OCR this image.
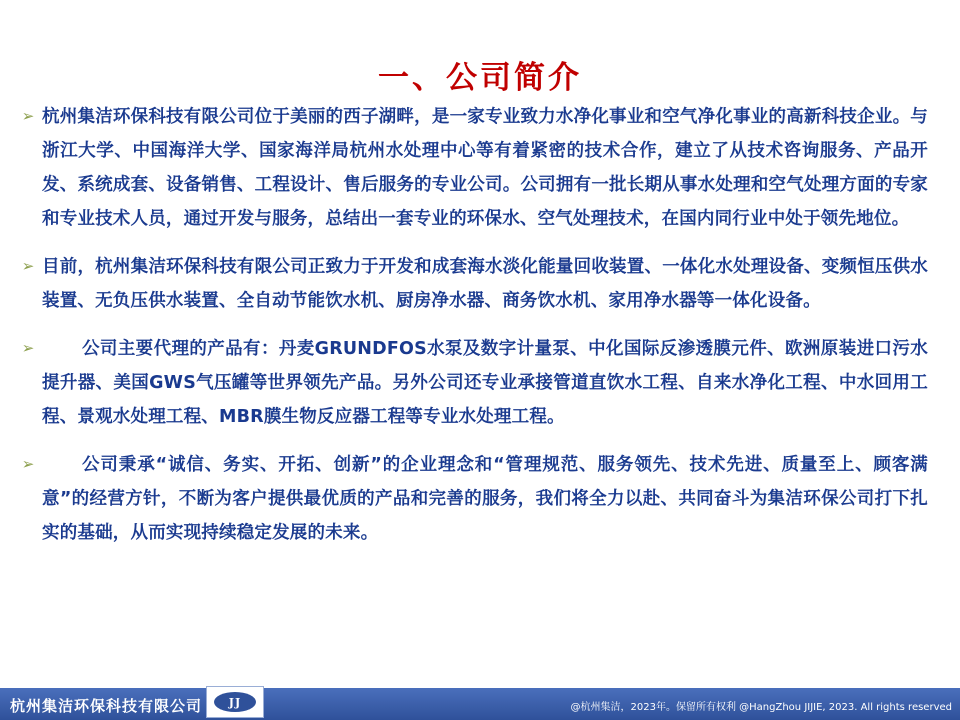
一、公司简介
➢ 杭州集洁环保科技有限公司位于美丽的西子湖畔，是一家专业致力水净化事业和空气净化事业的高新科技企业。与浙江大学、中国海洋大学、国家海洋局杭州水处理中心等有着紧密的技术合作，建立了从技术咨询服务、产品开发、系统成套、设备销售、工程设计、售后服务的专业公司。公司拥有一批长期从事水处理和空气处理方面的专家和专业技术人员，通过开发与服务，总结出一套专业的环保水、空气处理技术，在国内同行业中处于领先地位。
➢ 目前，杭州集洁环保科技有限公司正致力于开发和成套海水淡化能量回收装置、一体化水处理设备、变频恒压供水装置、无负压供水装置、全自动节能饮水机、厨房净水器、商务饮水机、家用净水器等一体化设备。
➢	公司主要代理的产品有：丹麦GRUNDFOS水泵及数字计量泵、中化国际反渗透膜元件、欧洲原装进口污水提升器、美国GWS气压罐等世界领先产品。另外公司还专业承接管道直饮水工程、自来水净化工程、中水回用工程、景观水处理工程、MBR膜生物反应器工程等专业水处理工程。
➢	公司秉承“诚信、务实、开拓、创新”的企业理念和“管理规范、服务领先、技术先进、质量至上、顾客满意”的经营方针，不断为客户提供最优质的产品和完善的服务，我们将全力以赴、共同奋斗为集洁环保公司打下扎实的基础，从而实现持续稳定发展的未来。
杭州集洁环保科技有限公司	JJ	@杭州集洁，2023年。保留所有权利 @HangZhou JIJIE, 2023. All rights reserved
